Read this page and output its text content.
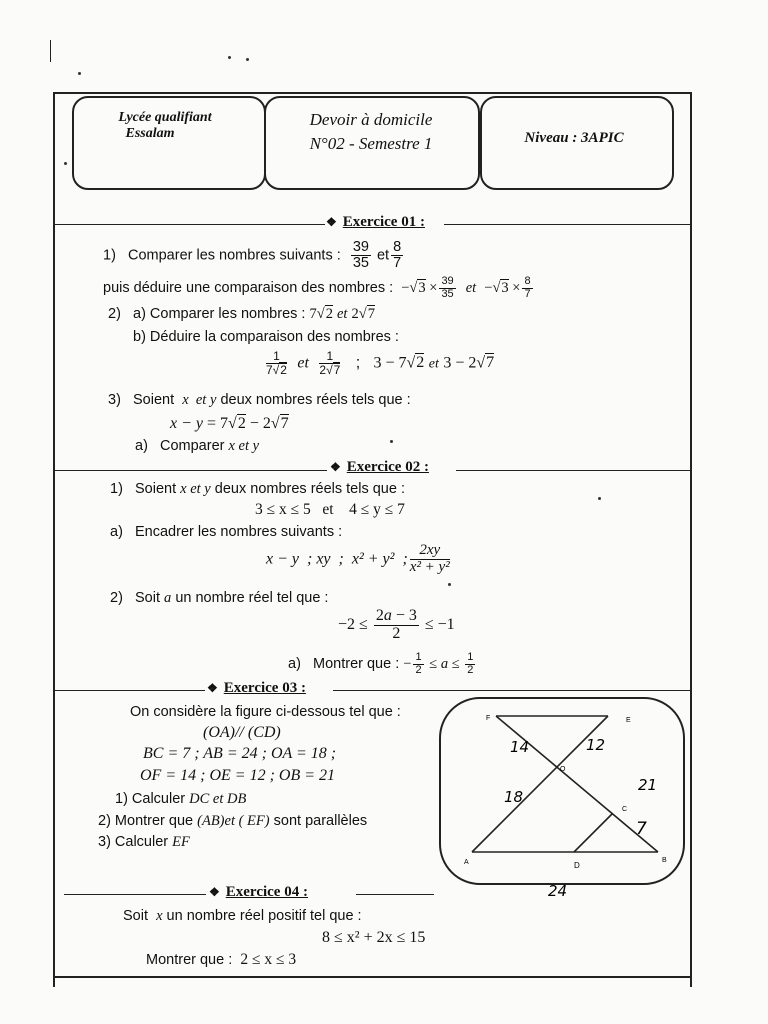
Lycée qualifiant
Essalam
Devoir à domicile
N°02 - Semestre 1	Niveau : 3APIC
❖ Exercice 01 :
1) Comparer les nombres suivants : $\frac{39}{35}$ et $\frac{8}{7}$
puis déduire une comparaison des nombres : $-√3 \times \frac{39}{35}$ et $-√3 \times \frac{8}{7}$
2) a) Comparer les nombres : 7√2 et 2√7
b) Déduire la comparaison des nombres :
$\frac{1}{7√2}$ et $\frac{1}{2√7}$ ;   3 − 7√2 et 3 − 2√7
3) Soient x  et y deux nombres réels tels que :
x − y = 7√2 − 2√7
a) Comparer x et y
❖ Exercice 02 :
1) Soient x et y deux nombres réels tels que :
3 ≤ x ≤ 5   et    4 ≤ y ≤ 7
a) Encadrer les nombres suivants :
x − y  ; xy  ;  x² + y²  ; $\frac{2xy}{\text{x² + y²}}$
2) Soit a un nombre réel tel que :
$-2 \le \frac{2a - 3}{2} \le -1$
a) Montrer que : − $\frac{1}{2} \le a \le \frac{1}{2}$
❖ Exercice 03 :
On considère la figure ci-dessous tel que :
(OA)// (CD)
BC = 7 ; AB = 24 ; OA = 18 ;
OF = 14 ; OE = 12 ; OB = 21
1) Calculer DC et DB
2) Montrer que (AB)et ( EF) sont parallèles
3) Calculer EF
F	E
O
C
A	D
B
14	12
21
18
7
24
❖ Exercice 04 :
Soit x un nombre réel positif tel que :
8 ≤ x² + 2x ≤ 15
Montrer que : 2 ≤ x ≤ 3
